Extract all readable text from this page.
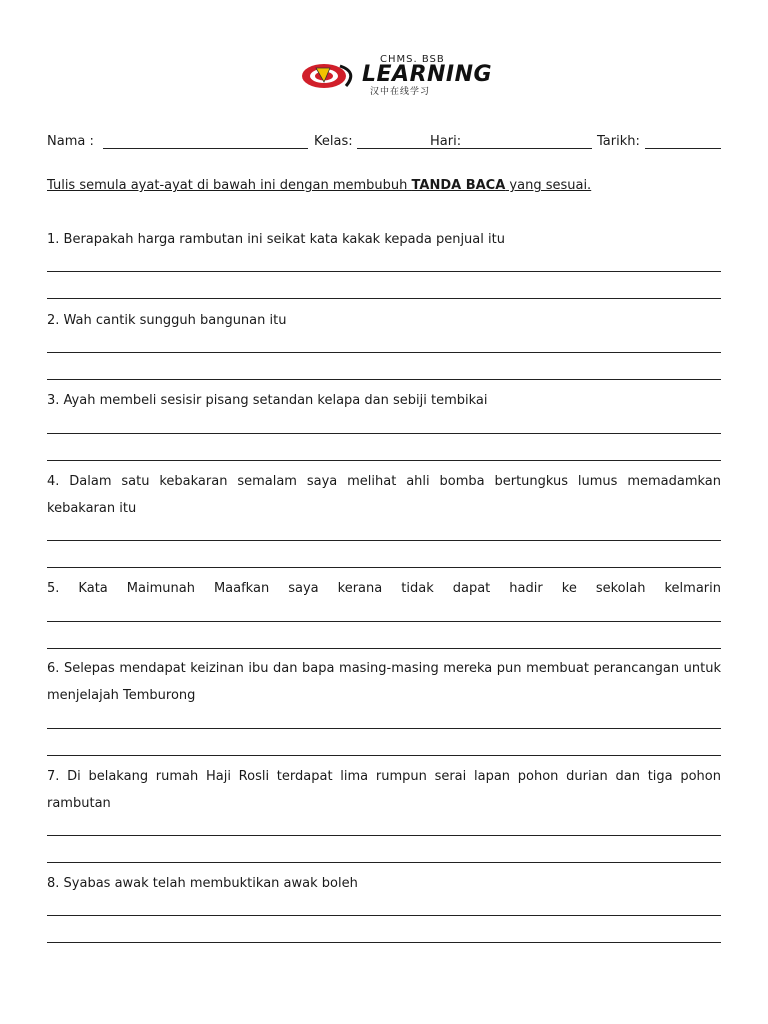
CHMS. BSB
LEARNING
汉中在线学习
Nama :	Kelas:	Hari:	Tarikh:
Tulis semula ayat-ayat di bawah ini dengan membubuh TANDA BACA yang sesuai.
1. Berapakah harga rambutan ini seikat kata kakak kepada penjual itu
2. Wah cantik sungguh bangunan itu
3. Ayah membeli sesisir pisang setandan kelapa dan sebiji tembikai
4. Dalam satu kebakaran semalam saya melihat ahli bomba bertungkus lumus memadamkan kebakaran itu
5. Kata Maimunah Maafkan saya kerana tidak dapat hadir ke sekolah kelmarin
6. Selepas mendapat keizinan ibu dan bapa masing-masing mereka pun membuat perancangan untuk menjelajah Temburong
7. Di belakang rumah Haji Rosli terdapat lima rumpun serai lapan pohon durian dan tiga pohon rambutan
8. Syabas awak telah membuktikan awak boleh
